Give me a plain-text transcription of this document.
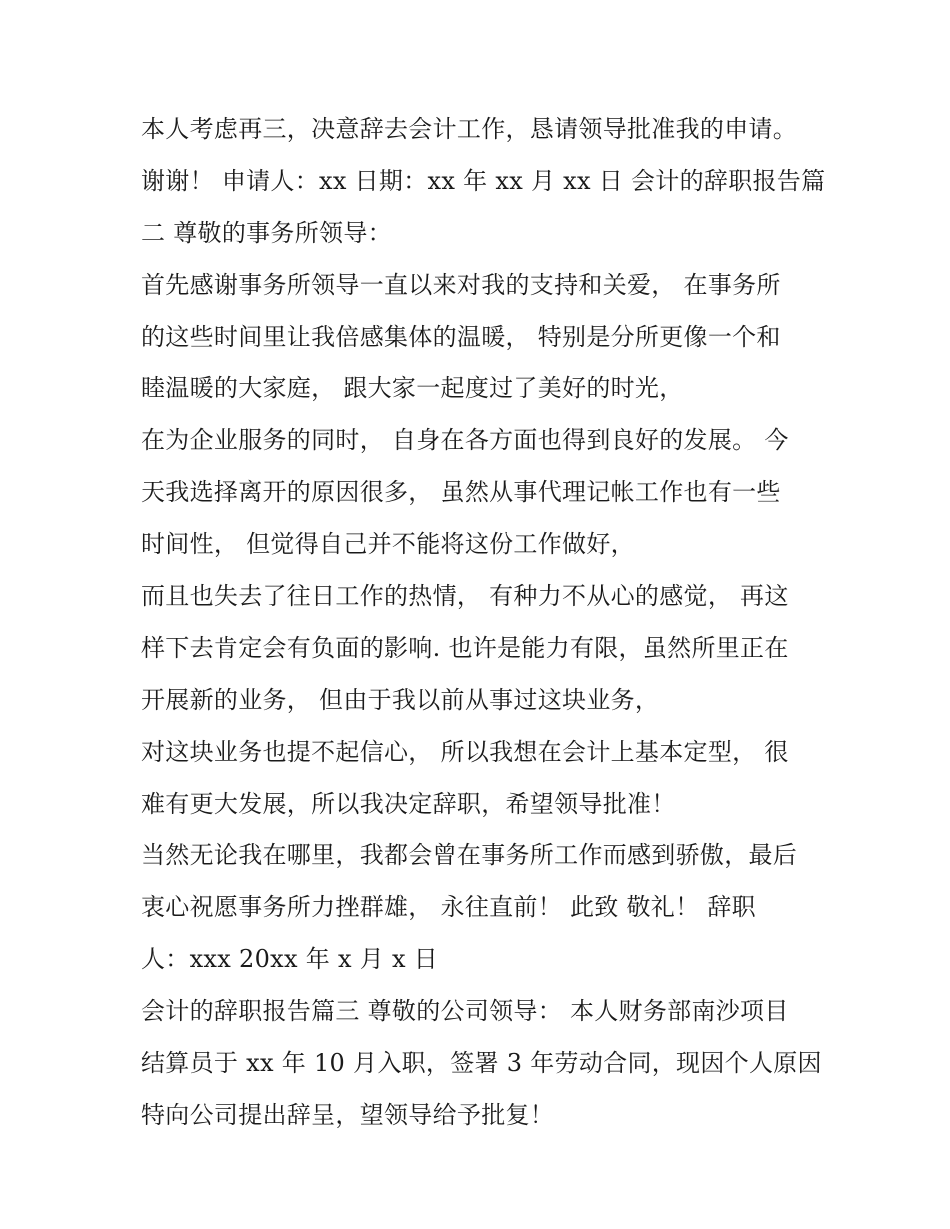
本人考虑再三，决意辞去会计工作，恳请领导批准我的申请。
谢谢！ 申请人：xx 日期：xx 年 xx 月 xx 日 会计的辞职报告篇
二 尊敬的事务所领导：
首先感谢事务所领导一直以来对我的支持和关爱， 在事务所
的这些时间里让我倍感集体的温暖， 特别是分所更像一个和
睦温暖的大家庭， 跟大家一起度过了美好的时光，
在为企业服务的同时， 自身在各方面也得到良好的发展。 今
天我选择离开的原因很多， 虽然从事代理记帐工作也有一些
时间性， 但觉得自己并不能将这份工作做好，
而且也失去了往日工作的热情， 有种力不从心的感觉， 再这
样下去肯定会有负面的影响. 也许是能力有限，虽然所里正在
开展新的业务， 但由于我以前从事过这块业务，
对这块业务也提不起信心， 所以我想在会计上基本定型， 很
难有更大发展，所以我决定辞职，希望领导批准！
当然无论我在哪里，我都会曾在事务所工作而感到骄傲，最后
衷心祝愿事务所力挫群雄， 永往直前！ 此致 敬礼！ 辞职
人：xxx 20xx 年 x 月 x 日
会计的辞职报告篇三 尊敬的公司领导： 本人财务部南沙项目
结算员于 xx 年 10 月入职，签署 3 年劳动合同，现因个人原因
特向公司提出辞呈，望领导给予批复！
